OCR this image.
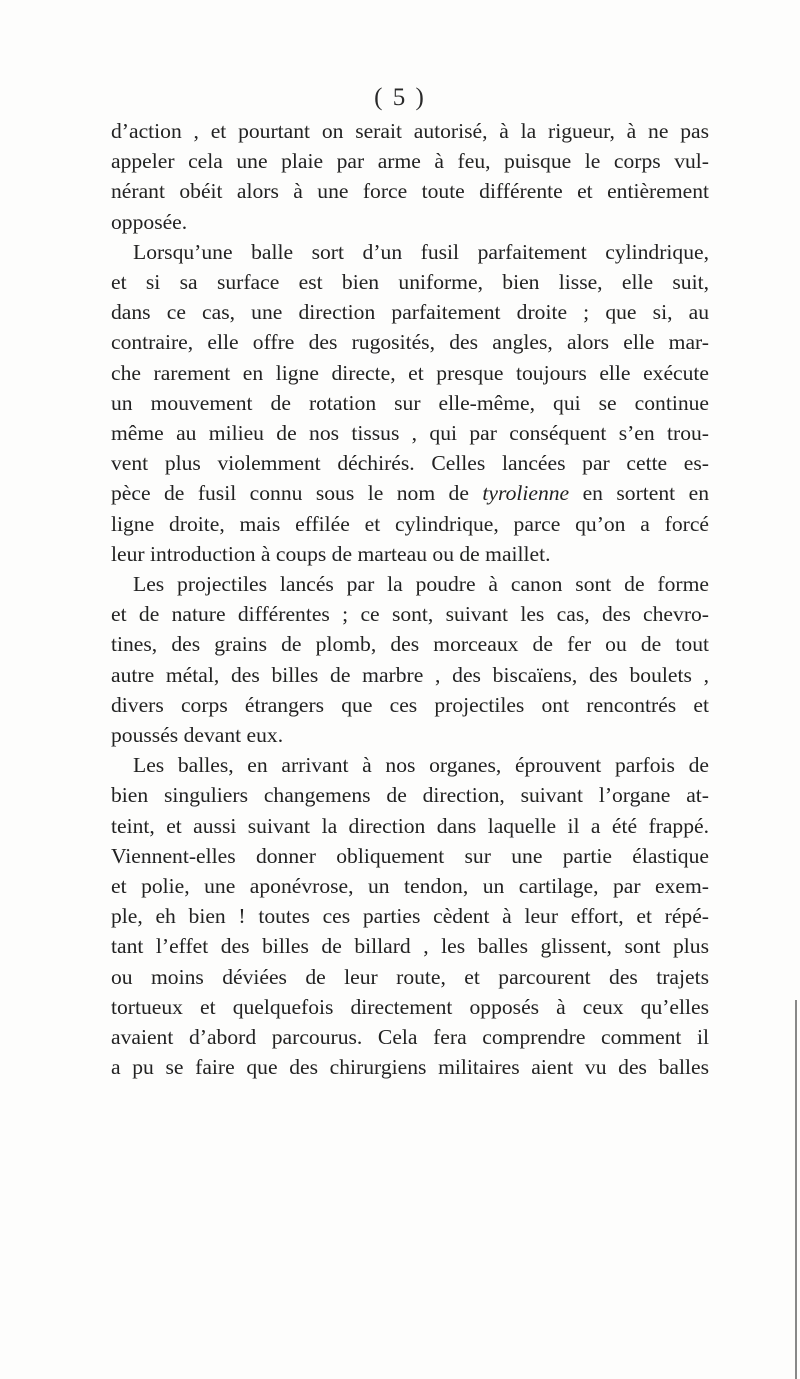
( 5 )
d’action , et pourtant on serait autorisé, à la rigueur, à ne pas
appeler cela une plaie par arme à feu, puisque le corps vul-
nérant obéit alors à une force toute différente et entièrement
opposée.
Lorsqu’une balle sort d’un fusil parfaitement cylindrique,
et si sa surface est bien uniforme, bien lisse, elle suit,
dans ce cas, une direction parfaitement droite ; que si, au
contraire, elle offre des rugosités, des angles, alors elle mar-
che rarement en ligne directe, et presque toujours elle exécute
un mouvement de rotation sur elle-même, qui se continue
même au milieu de nos tissus , qui par conséquent s’en trou-
vent plus violemment déchirés. Celles lancées par cette es-
pèce de fusil connu sous le nom de tyrolienne en sortent en
ligne droite, mais effilée et cylindrique, parce qu’on a forcé
leur introduction à coups de marteau ou de maillet.
Les projectiles lancés par la poudre à canon sont de forme
et de nature différentes ; ce sont, suivant les cas, des chevro-
tines, des grains de plomb, des morceaux de fer ou de tout
autre métal, des billes de marbre , des biscaïens, des boulets ,
divers corps étrangers que ces projectiles ont rencontrés et
poussés devant eux.
Les balles, en arrivant à nos organes, éprouvent parfois de
bien singuliers changemens de direction, suivant l’organe at-
teint, et aussi suivant la direction dans laquelle il a été frappé.
Viennent-elles donner obliquement sur une partie élastique
et polie, une aponévrose, un tendon, un cartilage, par exem-
ple, eh bien ! toutes ces parties cèdent à leur effort, et répé-
tant l’effet des billes de billard , les balles glissent, sont plus
ou moins déviées de leur route, et parcourent des trajets
tortueux et quelquefois directement opposés à ceux qu’elles
avaient d’abord parcourus. Cela fera comprendre comment il
a pu se faire que des chirurgiens militaires aient vu des balles
